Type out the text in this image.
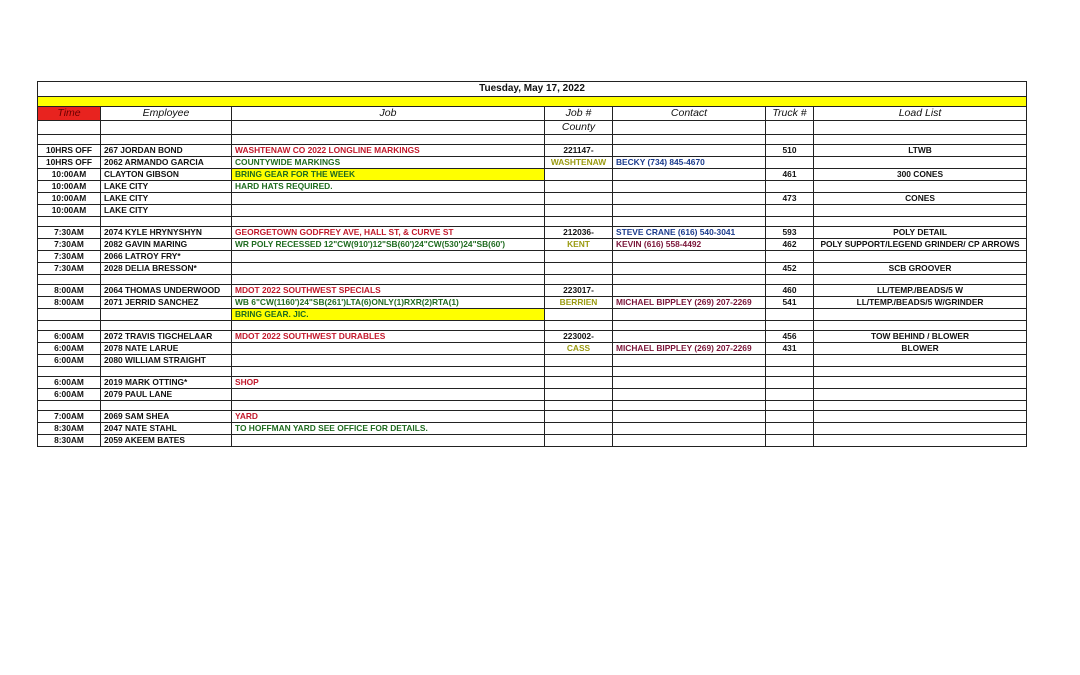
Tuesday, May 17, 2022						

Time	Employee	Job	Job #	Contact	Truck #	Load List
			County			

10HRS OFF	267 JORDAN BOND	WASHTENAW CO 2022 LONGLINE MARKINGS	221147-		510	LTWB
10HRS OFF	2062 ARMANDO GARCIA	COUNTYWIDE MARKINGS	WASHTENAW	BECKY (734) 845-4670		
10:00AM	CLAYTON GIBSON	BRING GEAR FOR THE WEEK			461	300 CONES
10:00AM	LAKE CITY	HARD HATS REQUIRED.				
10:00AM	LAKE CITY				473	CONES
10:00AM	LAKE CITY					

7:30AM	2074 KYLE HRYNYSHYN	GEORGETOWN GODFREY AVE, HALL ST, & CURVE ST	212036-	STEVE CRANE (616) 540-3041	593	POLY DETAIL
7:30AM	2082 GAVIN MARING	WR POLY RECESSED 12"CW(910')12"SB(60')24"CW(530')24"SB(60')	KENT	KEVIN (616) 558-4492	462	POLY SUPPORT/LEGEND GRINDER/ CP ARROWS
7:30AM	2066 LATROY FRY*					
7:30AM	2028 DELIA BRESSON*				452	SCB GROOVER

8:00AM	2064 THOMAS UNDERWOOD	MDOT 2022 SOUTHWEST SPECIALS	223017-		460	LL/TEMP./BEADS/5 W
8:00AM	2071 JERRID SANCHEZ	WB 6"CW(1160')24"SB(261')LTA(6)ONLY(1)RXR(2)RTA(1)	BERRIEN	MICHAEL BIPPLEY (269) 207-2269	541	LL/TEMP./BEADS/5 W/GRINDER
		BRING GEAR. JIC.				

6:00AM	2072 TRAVIS TIGCHELAAR	MDOT 2022 SOUTHWEST DURABLES	223002-		456	TOW BEHIND / BLOWER
6:00AM	2078 NATE LARUE		CASS	MICHAEL BIPPLEY (269) 207-2269	431	BLOWER
6:00AM	2080 WILLIAM STRAIGHT					

6:00AM	2019 MARK OTTING*	SHOP				
6:00AM	2079 PAUL LANE					

7:00AM	2069 SAM SHEA	YARD				
8:30AM	2047 NATE STAHL	TO HOFFMAN YARD SEE OFFICE FOR DETAILS.				
8:30AM	2059 AKEEM BATES					
